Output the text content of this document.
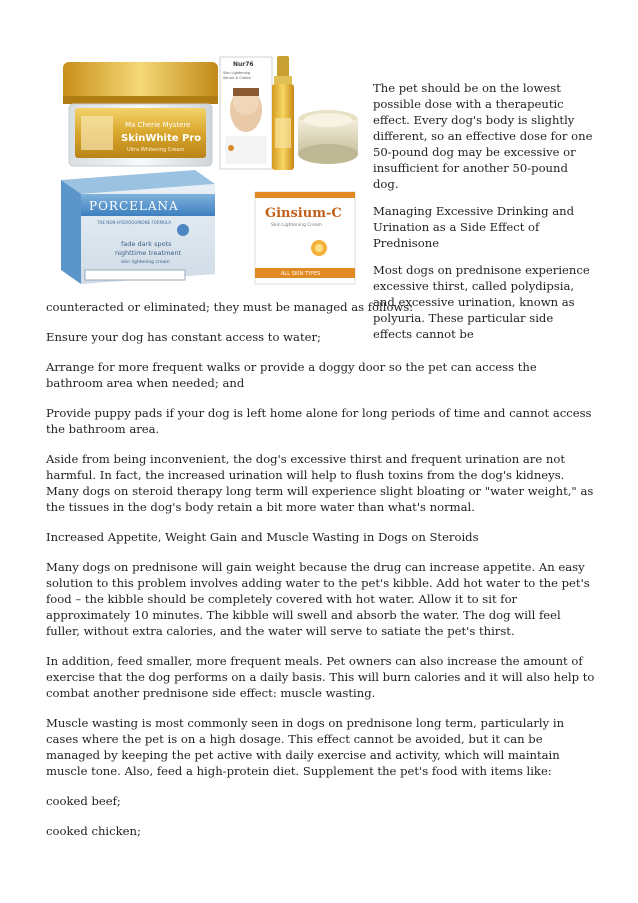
Ma Cherie Mystere
SkinWhite Pro
Ultra Whitening Cream
Nur76
Skin Lightening
Serum & Cream
PORCELANA
THE NON-HYDROQUINONE FORMULA
fade dark spots
nighttime treatment
skin lightening cream
Ginsium-C
Skin Lightening Cream
ALL SKIN TYPES

The pet should be on the lowest possible dose with a therapeutic effect. Every dog's body is slightly different, so an effective dose for one 50-pound dog may be excessive or insufficient for another 50-pound dog.

Managing Excessive Drinking and Urination as a Side Effect of Prednisone

Most dogs on prednisone experience excessive thirst, called polydipsia, and excessive urination, known as polyuria. These particular side effects cannot be

counteracted or eliminated; they must be managed as follows:

Ensure your dog has constant access to water;

Arrange for more frequent walks or provide a doggy door so the pet can access the bathroom area when needed; and

Provide puppy pads if your dog is left home alone for long periods of time and cannot access the bathroom area.

Aside from being inconvenient, the dog's excessive thirst and frequent urination are not harmful. In fact, the increased urination will help to flush toxins from the dog's kidneys. Many dogs on steroid therapy long term will experience slight bloating or "water weight," as the tissues in the dog's body retain a bit more water than what's normal.

Increased Appetite, Weight Gain and Muscle Wasting in Dogs on Steroids

Many dogs on prednisone will gain weight because the drug can increase appetite. An easy solution to this problem involves adding water to the pet's kibble. Add hot water to the pet's food – the kibble should be completely covered with hot water. Allow it to sit for approximately 10 minutes. The kibble will swell and absorb the water. The dog will feel fuller, without extra calories, and the water will serve to satiate the pet's thirst.

In addition, feed smaller, more frequent meals. Pet owners can also increase the amount of exercise that the dog performs on a daily basis. This will burn calories and it will also help to combat another prednisone side effect: muscle wasting.

Muscle wasting is most commonly seen in dogs on prednisone long term, particularly in cases where the pet is on a high dosage. This effect cannot be avoided, but it can be managed by keeping the pet active with daily exercise and activity, which will maintain muscle tone. Also, feed a high-protein diet. Supplement the pet's food with items like:

cooked beef;

cooked chicken;
